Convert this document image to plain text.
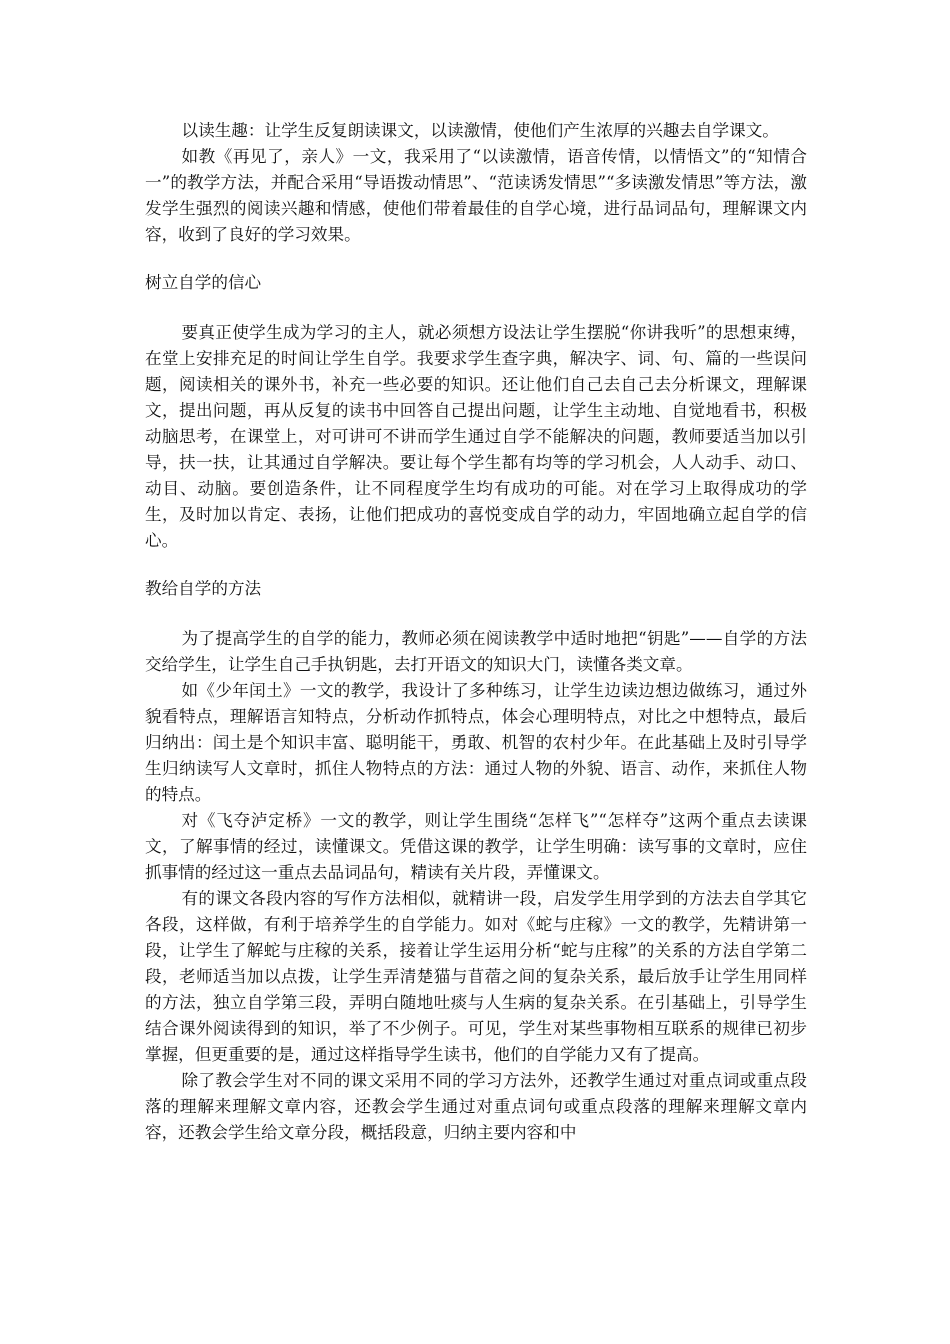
以读生趣：让学生反复朗读课文，以读激情，使他们产生浓厚的兴趣去自学课文。

如教《再见了，亲人》一文，我采用了“以读激情，语音传情，以情悟文”的“知情合一”的教学方法，并配合采用“导语拨动情思”、“范读诱发情思”“多读激发情思”等方法，激发学生强烈的阅读兴趣和情感，使他们带着最佳的自学心境，进行品词品句，理解课文内容，收到了良好的学习效果。

树立自学的信心

要真正使学生成为学习的主人，就必须想方设法让学生摆脱“你讲我听”的思想束缚，在堂上安排充足的时间让学生自学。我要求学生查字典，解决字、词、句、篇的一些误问题，阅读相关的课外书，补充一些必要的知识。还让他们自己去自己去分析课文，理解课文，提出问题，再从反复的读书中回答自己提出问题，让学生主动地、自觉地看书，积极动脑思考，在课堂上，对可讲可不讲而学生通过自学不能解决的问题，教师要适当加以引导，扶一扶，让其通过自学解决。要让每个学生都有均等的学习机会，人人动手、动口、动目、动脑。要创造条件，让不同程度学生均有成功的可能。对在学习上取得成功的学生，及时加以肯定、表扬，让他们把成功的喜悦变成自学的动力，牢固地确立起自学的信心。

教给自学的方法

为了提高学生的自学的能力，教师必须在阅读教学中适时地把“钥匙”——自学的方法交给学生，让学生自己手执钥匙，去打开语文的知识大门，读懂各类文章。

如《少年闰土》一文的教学，我设计了多种练习，让学生边读边想边做练习，通过外貌看特点，理解语言知特点，分析动作抓特点，体会心理明特点，对比之中想特点，最后归纳出：闰土是个知识丰富、聪明能干，勇敢、机智的农村少年。在此基础上及时引导学生归纳读写人文章时，抓住人物特点的方法：通过人物的外貌、语言、动作，来抓住人物的特点。

对《飞夺泸定桥》一文的教学，则让学生围绕“怎样飞”“怎样夺”这两个重点去读课文，了解事情的经过，读懂课文。凭借这课的教学，让学生明确：读写事的文章时，应住抓事情的经过这一重点去品词品句，精读有关片段，弄懂课文。

有的课文各段内容的写作方法相似，就精讲一段，启发学生用学到的方法去自学其它各段，这样做，有利于培养学生的自学能力。如对《蛇与庄稼》一文的教学，先精讲第一段，让学生了解蛇与庄稼的关系，接着让学生运用分析“蛇与庄稼”的关系的方法自学第二段，老师适当加以点拨，让学生弄清楚猫与苜蓿之间的复杂关系，最后放手让学生用同样的方法，独立自学第三段，弄明白随地吐痰与人生病的复杂关系。在引基础上，引导学生结合课外阅读得到的知识，举了不少例子。可见，学生对某些事物相互联系的规律已初步掌握，但更重要的是，通过这样指导学生读书，他们的自学能力又有了提高。

除了教会学生对不同的课文采用不同的学习方法外，还教学生通过对重点词或重点段落的理解来理解文章内容，还教会学生通过对重点词句或重点段落的理解来理解文章内容，还教会学生给文章分段，概括段意，归纳主要内容和中
